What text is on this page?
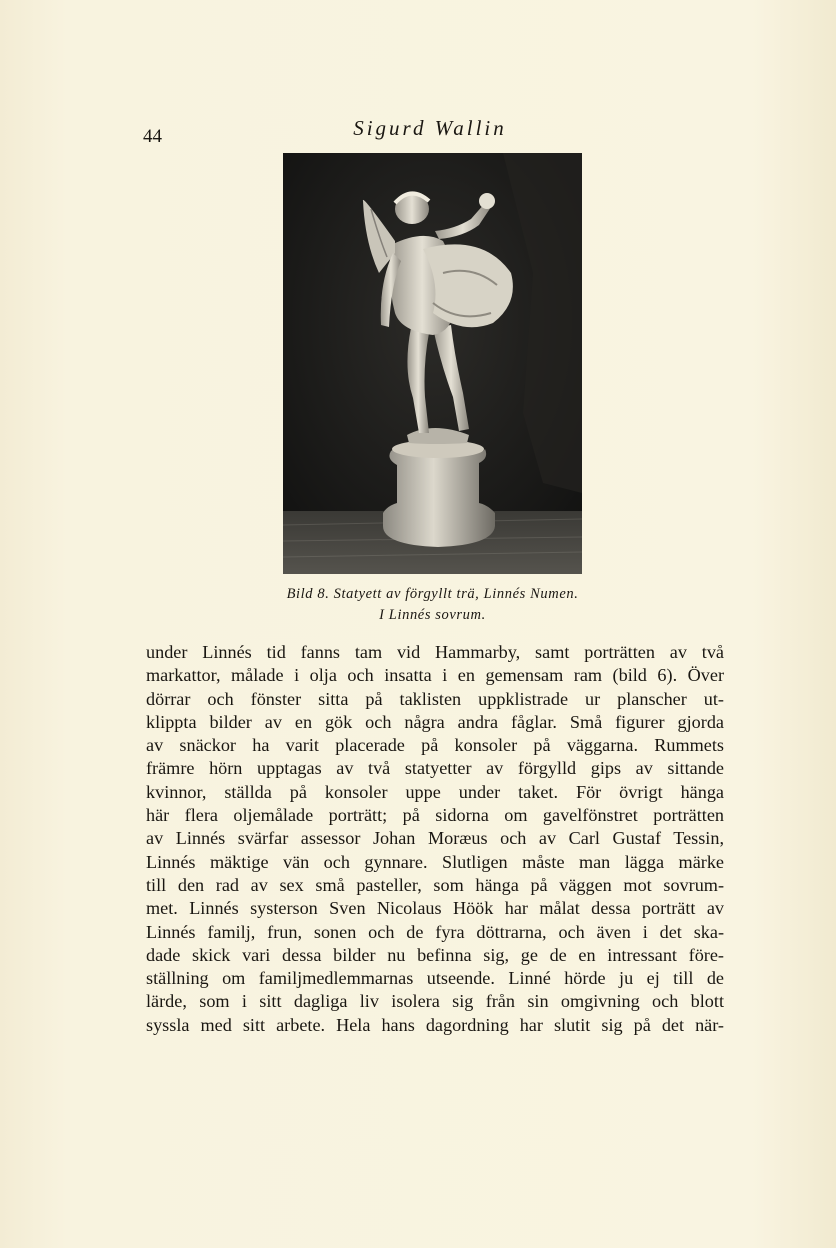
44	Sigurd Wallin
Bild 8. Statyett av förgyllt trä, Linnés Numen.
I Linnés sovrum.
under Linnés tid fanns tam vid Hammarby, samt porträtten av två
markattor, målade i olja och insatta i en gemensam ram (bild 6). Över
dörrar och fönster sitta på taklisten uppklistrade ur planscher ut-
klippta bilder av en gök och några andra fåglar. Små figurer gjorda
av snäckor ha varit placerade på konsoler på väggarna. Rummets
främre hörn upptagas av två statyetter av förgylld gips av sittande
kvinnor, ställda på konsoler uppe under taket. För övrigt hänga
här flera oljemålade porträtt; på sidorna om gavelfönstret porträtten
av Linnés svärfar assessor Johan Moræus och av Carl Gustaf Tessin,
Linnés mäktige vän och gynnare. Slutligen måste man lägga märke
till den rad av sex små pasteller, som hänga på väggen mot sovrum-
met. Linnés systerson Sven Nicolaus Höök har målat dessa porträtt av
Linnés familj, frun, sonen och de fyra döttrarna, och även i det ska-
dade skick vari dessa bilder nu befinna sig, ge de en intressant före-
ställning om familjmedlemmarnas utseende. Linné hörde ju ej till de
lärde, som i sitt dagliga liv isolera sig från sin omgivning och blott
syssla med sitt arbete. Hela hans dagordning har slutit sig på det när-
